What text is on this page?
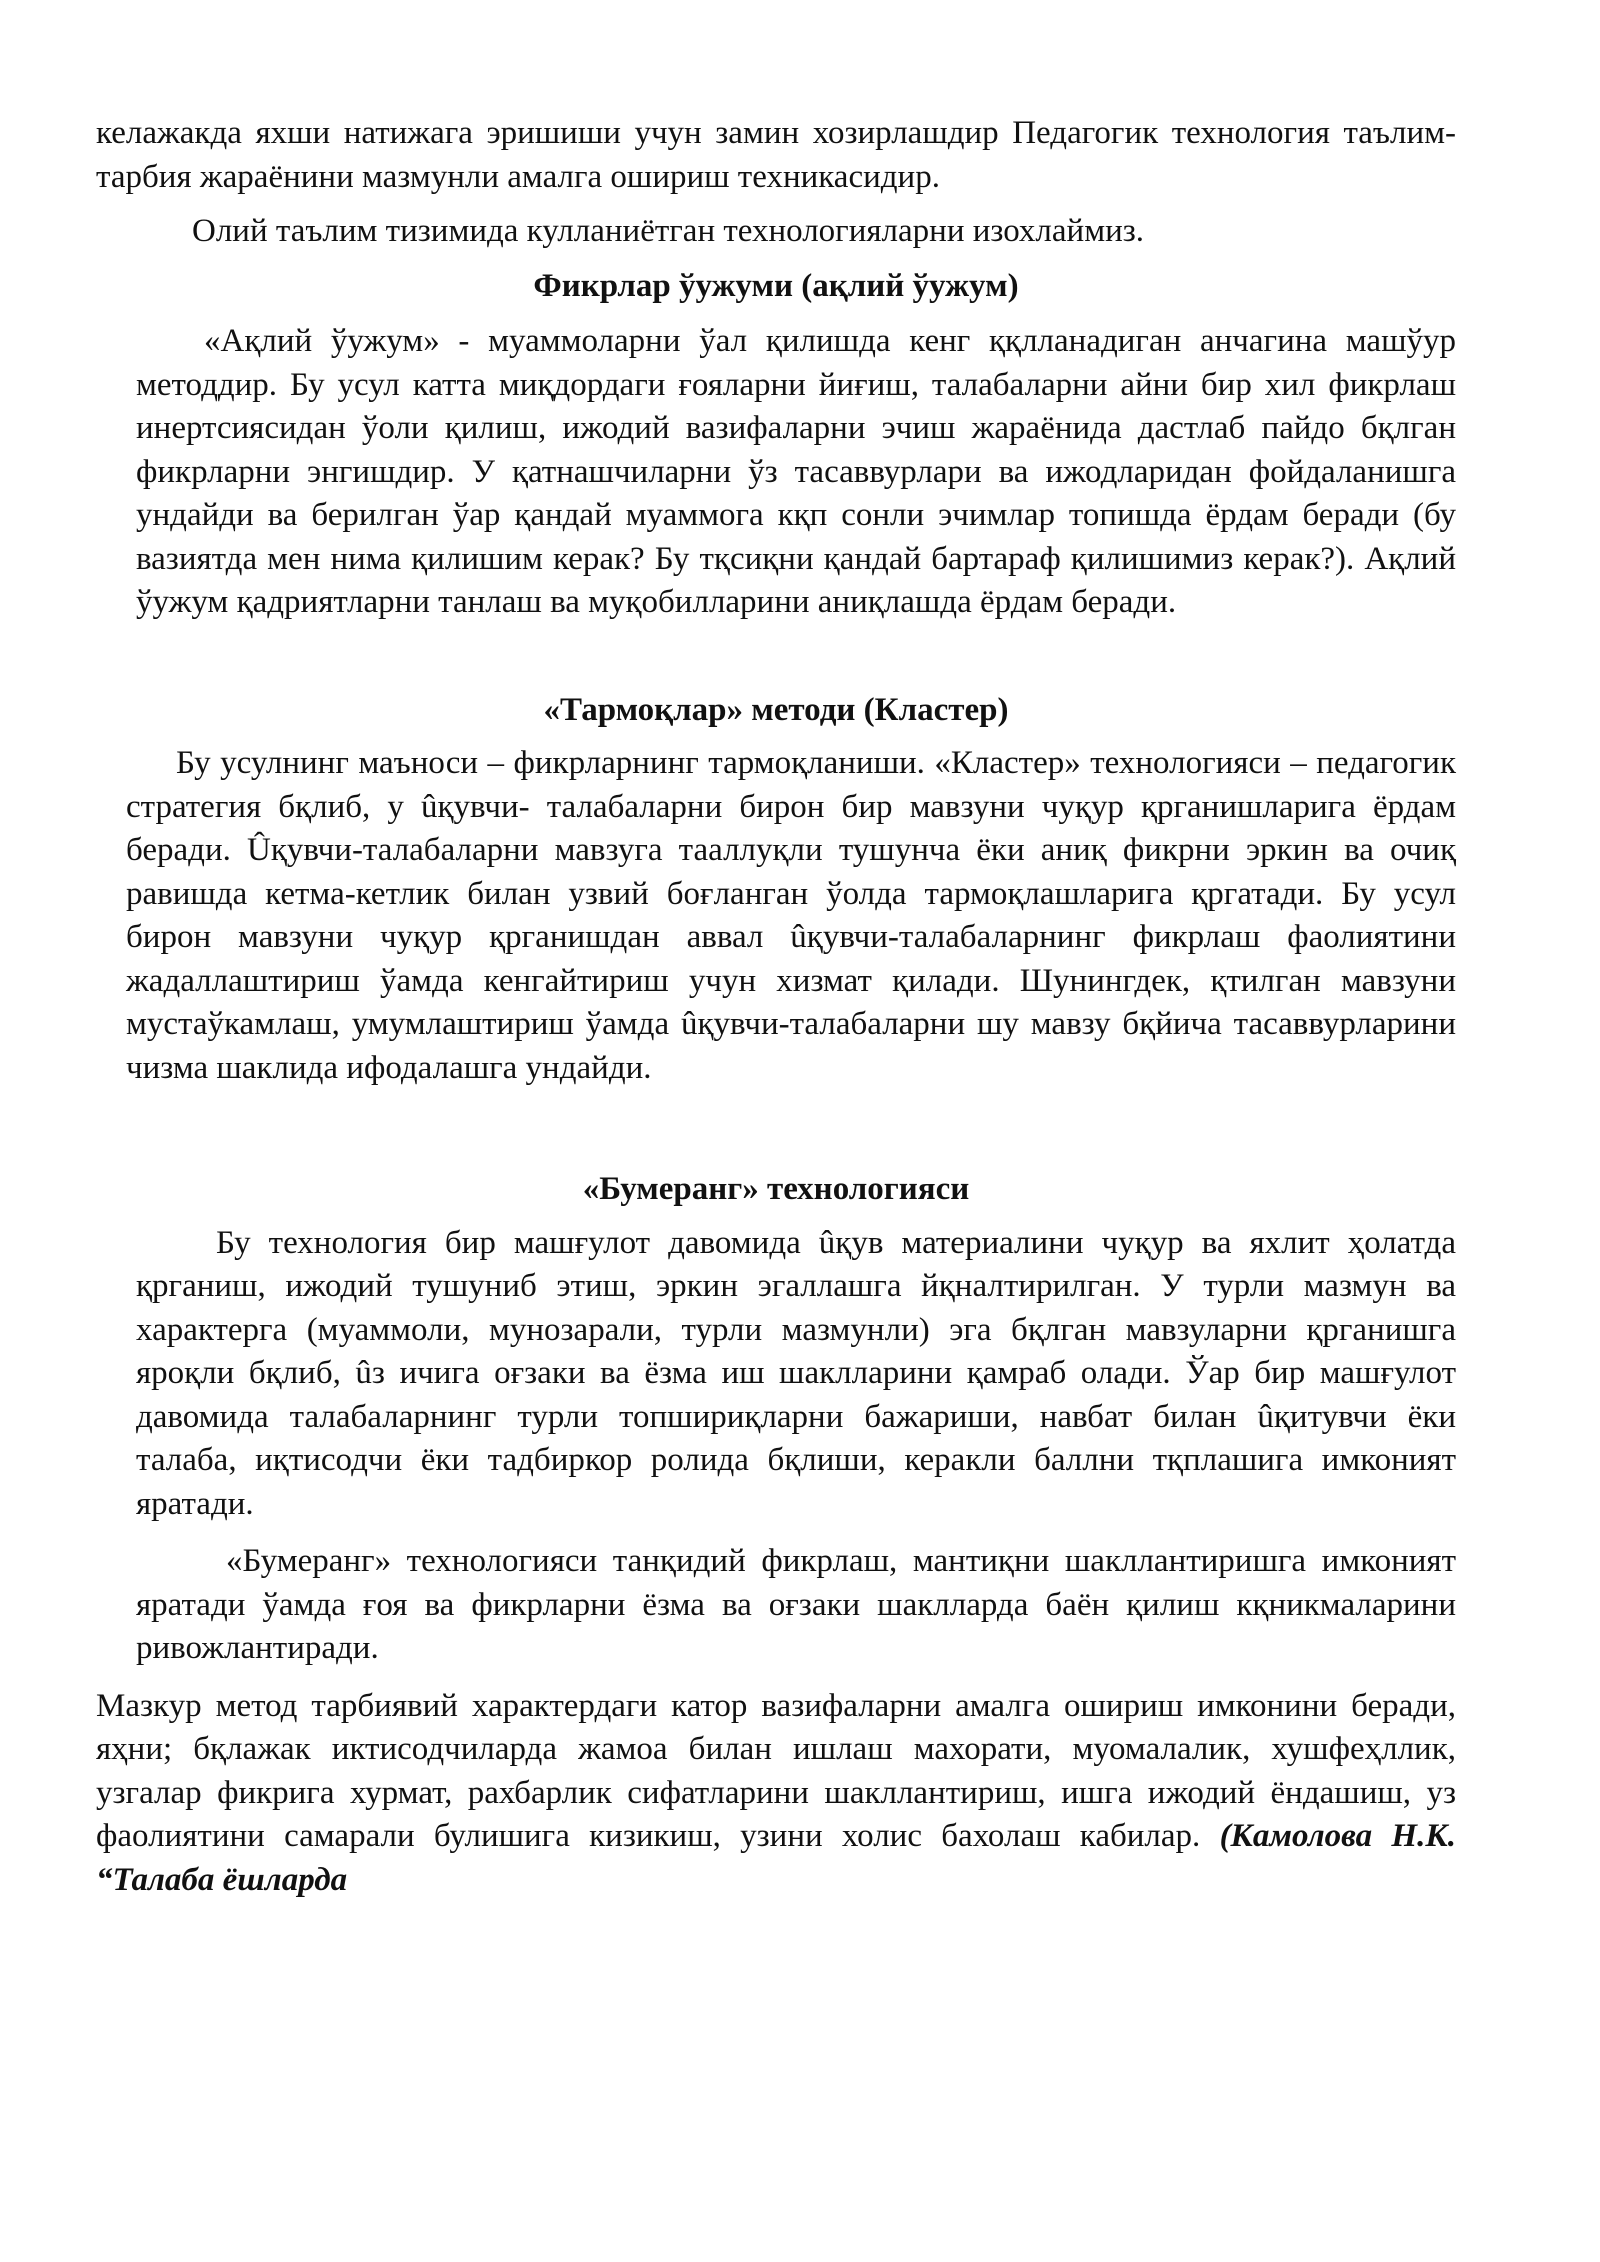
келажакда яхши натижага эришиши учун замин хозирлашдир Педагогик технология таълим-тарбия жараёнини мазмунли амалга ошириш техникасидир.

Олий таълим тизимида кулланиётган технологияларни изохлаймиз.

Фикрлар ўужуми (ақлий ўужум)

«Ақлий ўужум» - муаммоларни ўал қилишда кенг ққлланадиган анчагина машўур методдир. Бу усул катта миқдордаги ғояларни йиғиш, талабаларни айни бир хил фикрлаш инертсиясидан ўоли қилиш, ижодий вазифаларни эчиш жараёнида дастлаб пайдо бқлган фикрларни энгишдир. У қатнашчиларни ўз тасаввурлари ва ижодларидан фойдаланишга ундайди ва берилган ўар қандай муаммога кқп сонли эчимлар топишда ёрдам беради (бу вазиятда мен нима қилишим керак? Бу тқсиқни қандай бартараф қилишимиз керак?). Ақлий ўужум қадриятларни танлаш ва муқобилларини аниқлашда ёрдам беради.

«Тармоқлар» методи (Кластер)

Бу усулнинг маъноси – фикрларнинг тармоқланиши. «Кластер» технологияси – педагогик стратегия бқлиб, у ûқувчи- талабаларни бирон бир мавзуни чуқур қрганишларига ёрдам беради. Ûқувчи-талабаларни мавзуга тааллуқли тушунча ёки аниқ фикрни эркин ва очиқ равишда кетма-кетлик билан узвий боғланган ўолда тармоқлашларига қргатади. Бу усул бирон мавзуни чуқур қрганишдан аввал ûқувчи-талабаларнинг фикрлаш фаолиятини жадаллаштириш ўамда кенгайтириш учун хизмат қилади. Шунингдек, қтилган мавзуни мустаўкамлаш, умумлаштириш ўамда ûқувчи-талабаларни шу мавзу бқйича тасаввурларини чизма шаклида ифодалашга ундайди.

«Бумеранг» технологияси

Бу технология бир машғулот давомида ûқув материалини чуқур ва яхлит ҳолатда қрганиш, ижодий тушуниб этиш, эркин эгаллашга йқналтирилган. У турли мазмун ва характерга (муаммоли, мунозарали, турли мазмунли) эга бқлган мавзуларни қрганишга яроқли бқлиб, ûз ичига оғзаки ва ёзма иш шаклларини қамраб олади. Ўар бир машғулот давомида талабаларнинг турли топшириқларни бажариши, навбат билан ûқитувчи ёки талаба, иқтисодчи ёки тадбиркор ролида бқлиши, керакли баллни тқплашига имконият яратади.

«Бумеранг» технологияси танқидий фикрлаш, мантиқни шакллантиришга имконият яратади ўамда ғоя ва фикрларни ёзма ва оғзаки шаклларда баён қилиш кқникмаларини ривожлантиради.

Мазкур метод тарбиявий характердаги катор вазифаларни амалга ошириш имконини беради, яҳни; бқлажак иктисодчиларда жамоа билан ишлаш махорати, муомалалик, хушфеҳллик, узгалар фикрига хурмат, рахбарлик сифатларини шакллантириш, ишга ижодий ёндашиш, уз фаолиятини самарали булишига кизикиш, узини холис бахолаш кабилар. (Камолова Н.К. “Талаба ёшларда
